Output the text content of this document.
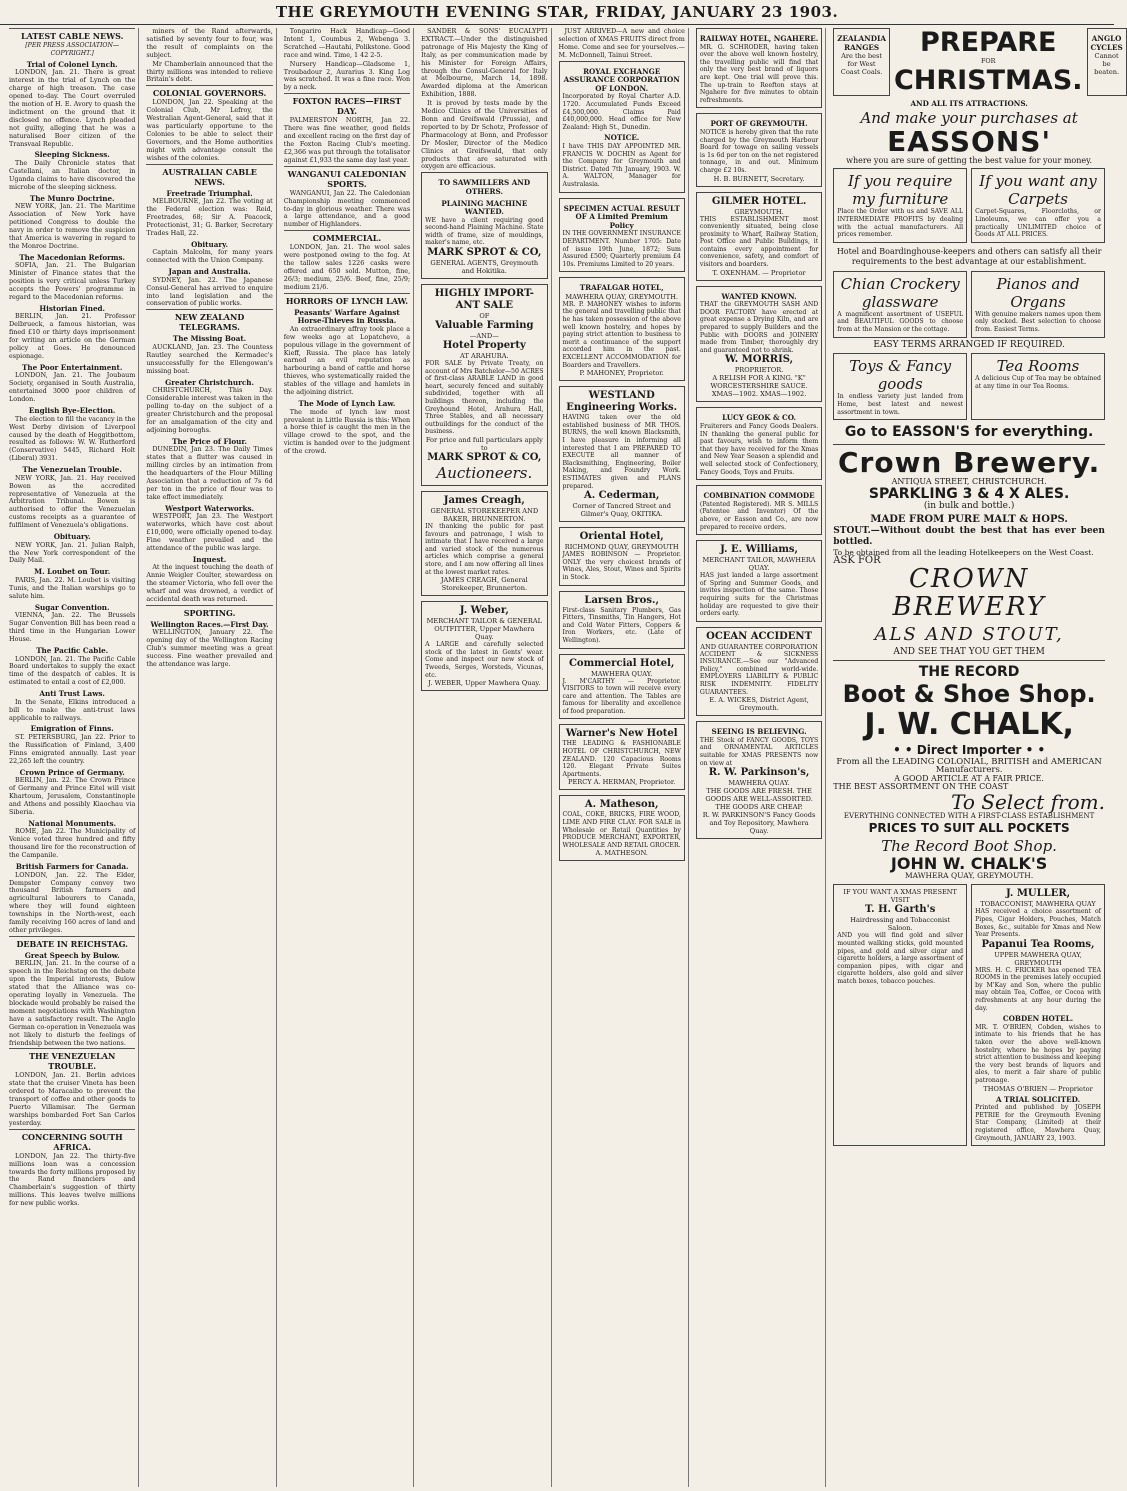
THE GREYMOUTH EVENING STAR, FRIDAY, JANUARY 23 1903.
LATEST CABLE NEWS.
[PER PRESS ASSOCIATION—COPYRIGHT.]
Trial of Colonel Lynch.
LONDON, Jan. 21. There is great interest in the trial of Lynch on the charge of high treason. The case opened to-day. The Court overruled the motion of H. E. Avory to quash the indictment on the ground that it disclosed no offence. Lynch pleaded not guilty, alleging that he was a naturalised Boer citizen of the Transvaal Republic.
Sleeping Sickness.
The Daily Chronicle states that Castellani, an Italian doctor, in Uganda claims to have discovered the microbe of the sleeping sickness.
The Munro Doctrine.
NEW YORK, Jan. 21. The Maritime Association of New York have petitioned Congress to double the navy in order to remove the suspicion that America is wavering in regard to the Monroe Doctrine.
The Macedonian Reforms.
SOFIA, Jan. 21. The Bulgarian Minister of Finance states that the position is very critical unless Turkey accepts the Powers' programme in regard to the Macedonian reforms.
Historian Fined.
BERLIN, Jan. 21. Professor Delbrueck, a famous historian, was fined £10 or thirty days imprisonment for writing an article on the German policy at Goes. He denounced espionage.
The Poor Entertainment.
LONDON, Jan. 21. The Joubaum Society, organised in South Australia, entertained 3000 poor children of London.
English Bye-Election.
The election to fill the vacancy in the West Derby division of Liverpool caused by the death of Heggitbottom, resulted as follows: W. W. Rutherford (Conservative) 5445, Richard Holt (Liberal) 3931.
The Venezuelan Trouble.
NEW YORK, Jan. 21. Hay received Bowen as the accredited representative of Venezuela at the Arbitration Tribunal. Bowen is authorised to offer the Venezuelan customs receipts as a guarantee of fulfilment of Venezuela's obligations.
Obituary.
NEW YORK, Jan. 21. Julian Ralph, the New York correspondent of the Daily Mail.
M. Loubet on Tour.
PARIS, Jan. 22. M. Loubet is visiting Tunis, and the Italian warships go to salute him.
Sugar Convention.
VIENNA, Jan. 22. The Brussels Sugar Convention Bill has been read a third time in the Hungarian Lower House.
The Pacific Cable.
LONDON, Jan. 21. The Pacific Cable Board undertakes to supply the exact time of the despatch of cables. It is estimated to entail a cost of £2,000.
Anti Trust Laws.
In the Senate, Elkins introduced a bill to make the anti-trust laws applicable to railways.
Emigration of Finns.
ST. PETERSBURG, Jan 22. Prior to the Russification of Finland, 3,400 Finns emigrated annually. Last year 22,265 left the country.
Crown Prince of Germany.
BERLIN, Jan. 22. The Crown Prince of Germany and Prince Eitel will visit Khartoum, Jerusalem, Constantinople and Athens and possibly Kiaochau via Siberia.
National Monuments.
ROME, Jan 22. The Municipality of Venice voted three hundred and fifty thousand lire for the reconstruction of the Campanile.
British Farmers for Canada.
LONDON, Jan. 22. The Elder, Dempster Company convey two thousand British farmers and agricultural labourers to Canada, where they will found eighteen townships in the North-west, each family receiving 160 acres of land and other privileges.
DEBATE IN REICHSTAG.
Great Speech by Bulow.
BERLIN, Jan. 21. In the course of a speech in the Reichstag on the debate upon the Imperial interests, Bulow stated that the Alliance was co-operating loyally in Venezuela. The blockade would probably be raised the moment negotiations with Washington have a satisfactory result. The Anglo German co-operation in Venezuela was not likely to disturb the feelings of friendship between the two nations.
THE VENEZUELAN TROUBLE.
LONDON, Jan. 21. Berlin advices state that the cruiser Vineta has been ordered to Maracaibo to prevent the transport of coffee and other goods to Puerto Villamisar. The German warships bombarded Fort San Carlos yesterday.
CONCERNING SOUTH AFRICA.
LONDON, Jan 22. The thirty-five millions loan was a concession towards the forty millions proposed by the Rand financiers and Chamberlain's suggestion of thirty millions. This leaves twelve millions for new public works.
miners of the Rand afterwards, satisfied by seventy four to four, was the result of complaints on the subject.
Mr Chamberlain announced that the thirty millions was intended to relieve Britain's debt.
COLONIAL GOVERNORS.
LONDON, Jan 22. Speaking at the Colonial Club, Mr Lefroy, the Westralian Agent-General, said that it was particularly opportune to the Colonies to be able to select their Governors, and the Home authorities might with advantage consult the wishes of the colonies.
AUSTRALIAN CABLE NEWS.
Freetrade Triumphal.
MELBOURNE, Jan 22. The voting at the Federal election was: Reid, Freetrades, 68; Sir A. Peacock, Protectionist, 31; G. Barker, Secretary Trades Hall, 22.
Obituary.
Captain Malcolm, for many years connected with the Union Company.
Japan and Australia.
SYDNEY, Jan. 22. The Japanese Consul-General has arrived to enquire into land legislation and the conservation of public works.
NEW ZEALAND TELEGRAMS.
The Missing Boat.
AUCKLAND, Jan. 23. The Countess Rautley searched the Kermadec's unsuccessfully for the Ellengowan's missing boat.
Greater Christchurch.
CHRISTCHURCH, This Day. Considerable interest was taken in the polling to-day on the subject of a greater Christchurch and the proposal for an amalgamation of the city and adjoining boroughs.
The Price of Flour.
DUNEDIN, Jan 23. The Daily Times states that a flutter was caused in milling circles by an intimation from the headquarters of the Flour Milling Association that a reduction of 7s 6d per ton in the price of flour was to take effect immediately.
Westport Waterworks.
WESTPORT, Jan 23. The Westport waterworks, which have cost about £10,000, were officially opened to-day. Fine weather prevailed and the attendance of the public was large.
Inquest.
At the inquest touching the death of Annie Weigler Coulter, stewardess on the steamer Victoria, who fell over the wharf and was drowned, a verdict of accidental death was returned.
SPORTING.
Wellington Races.—First Day.
WELLINGTON, January 22. The opening day of the Wellington Racing Club's summer meeting was a great success. Fine weather prevailed and the attendance was large.
Tongariro Hack Handicap—Good Intent 1, Coumbus 2, Webenga 3. Scratched —Hautahi, Polikstone. Good race and wind. Time, 1 42 2-5.
Nursery Handicap—Gladsome 1, Troubadour 2, Aurarius 3. King Log was scratched. It was a fine race. Won by a neck.
FOXTON RACES—FIRST DAY.
PALMERSTON NORTH, Jan 22. There was fine weather, good fields and excellent racing on the first day of the Foxton Racing Club's meeting. £2,366 was put through the totalisator against £1,933 the same day last year.
WANGANUI CALEDONIAN SPORTS.
WANGANUI, Jan 22. The Caledonian Championship meeting commenced to-day in glorious weather. There was a large attendance, and a good number of Highlanders.
COMMERCIAL.
LONDON, Jan. 21. The wool sales were postponed owing to the fog. At the tallow sales 1226 casks were offered and 650 sold. Mutton, fine, 26/3; medium, 25/6. Beef, fine, 25/9; medium 21/6.
HORRORS OF LYNCH LAW.
Peasants' Warfare Against Horse-Thieves in Russia.
An extraordinary affray took place a few weeks ago at Lopatchevo, a populous village in the government of Kieff, Russia. The place has lately earned an evil reputation as harbouring a band of cattle and horse thieves, who systematically raided the stables of the village and hamlets in the adjoining district.
The Mode of Lynch Law.
The mode of lynch law most prevalent in Little Russia is this: When a horse thief is caught the men in the village crowd to the spot, and the victim is handed over to the judgment of the crowd.
SANDER & SONS' EUCALYPTI EXTRACT.—Under the distinguished patronage of His Majesty the King of Italy, as per communication made by his Minister for Foreign Affairs, through the Consul-General for Italy at Melbourne, March 14, 1898. Awarded diploma at the American Exhibition, 1888.
It is proved by tests made by the Medico Clinics of the Universities of Bonn and Greifswald (Prussia), and reported to by Dr Schotz, Professor of Pharmacology at Bonn, and Professor Dr Mosler, Director of the Medico Clinics at Greifswald, that only products that are saturated with oxygen are efficacious.
TO SAWMILLERS AND OTHERS.
PLAINING MACHINE WANTED.
WE have a client requiring good second-hand Plaining Machine. State width of frame, size of mouldings, maker's name, etc.
MARK SPROT & CO,
GENERAL AGENTS, Greymouth and Hokitika.
HIGHLY IMPORT-
ANT SALE
OF
Valuable Farming
—AND—
Hotel Property
AT ARAHURA.
FOR SALE by Private Treaty, on account of Mrs Batchelor—50 ACRES of first-class ARABLE LAND in good heart, securely fenced and suitably subdivided, together with all buildings thereon, including the Greyhound Hotel, Arahura Hall, Three Stables, and all necessary outbuildings for the conduct of the business.
For price and full particulars apply to
MARK SPROT & CO,
Auctioneers.
James Creagh,
GENERAL STOREKEEPER AND BAKER, BRUNNERTON.
IN thanking the public for past favours and patronage, I wish to intimate that I have received a large and varied stock of the numerous articles which comprise a general store, and I am now offering all lines at the lowest market rates.
JAMES CREAGH, General Storekeeper, Brunnerton.
J. Weber,
MERCHANT TAILOR & GENERAL OUTFITTER, Upper Mawhera Quay.
A LARGE and carefully selected stock of the latest in Gents' wear. Come and inspect our new stock of Tweeds, Serges, Worsteds, Vicunas, etc.
J. WEBER, Upper Mawhera Quay.
JUST ARRIVED—A new and choice selection of XMAS FRUITS direct from Home. Come and see for yourselves.—M. McDonnell, Tainui Street.
ROYAL EXCHANGE ASSURANCE CORPORATION OF LONDON.
Incorporated by Royal Charter A.D. 1720. Accumulated Funds Exceed £4,500,000. Claims Paid £40,000,000. Head office for New Zealand: High St., Dunedin.
NOTICE.
I have THIS DAY APPOINTED MR. FRANCIS W. DOCHIN as Agent for the Company for Greymouth and District. Dated 7th January, 1903. W. A. WALTON, Manager for Australasia.
SPECIMEN ACTUAL RESULT OF A Limited Premium Policy
IN THE GOVERNMENT INSURANCE DEPARTMENT. Number 1705: Date of issue 19th June, 1872; Sum Assured £500; Quarterly premium £4 10s. Premiums Limited to 20 years.
TRAFALGAR HOTEL,
MAWHERA QUAY, GREYMOUTH.
MR. P. MAHONEY wishes to inform the general and travelling public that he has taken possession of the above well known hostelry, and hopes by paying strict attention to business to merit a continuance of the support accorded him in the past. EXCELLENT ACCOMMODATION for Boarders and Travellers.
P. MAHONEY, Proprietor.
WESTLAND
Engineering Works.
HAVING taken over the old established business of MR THOS. BURNS, the well known Blacksmith, I have pleasure in informing all interested that I am PREPARED TO EXECUTE all manner of Blacksmithing, Engineering, Boiler Making, and Foundry Work. ESTIMATES given and PLANS prepared.
A. Cederman,
Corner of Tancred Street and Gilmer's Quay, OKITIKA.
Oriental Hotel,
RICHMOND QUAY, GREYMOUTH
JAMES ROBINSON — Proprietor. ONLY the very choicest brands of Wines, Ales, Stout, Wines and Spirits in Stock.
Larsen Bros.,
First-class Sanitary Plumbers, Gas Fitters, Tinsmiths, Tin Hangers, Hot and Cold Water Fitters, Coppers & Iron Workers, etc. (Late of Wellington).
Commercial Hotel,
MAWHERA QUAY.
J. M'CARTHY — Proprietor. VISITORS to town will receive every care and attention. The Tables are famous for liberality and excellence of food preparation.
Warner's New Hotel
THE LEADING & FASHIONABLE HOTEL OF CHRISTCHURCH, NEW ZEALAND. 120 Capacious Rooms 120. Elegant Private Suites Apartments.
PERCY A. HERMAN, Proprietor.
A. Matheson,
COAL, COKE, BRICKS, FIRE WOOD, LIME AND FIRE CLAY. FOR SALE in Wholesale or Retail Quantities by PRODUCE MERCHANT, EXPORTER, WHOLESALE AND RETAIL GROCER.
A. MATHESON.
RAILWAY HOTEL, NGAHERE.
MR. G. SCHRODER, having taken over the above well known hostelry, the travelling public will find that only the very best brand of liquors are kept. One trial will prove this. The up-train to Reefton stays at Ngahere for five minutes to obtain refreshments.
PORT OF GREYMOUTH.
NOTICE is hereby given that the rate charged by the Greymouth Harbour Board for towage on sailing vessels is 1s 6d per ton on the net registered tonnage, in and out. Minimum charge £2 10s.
H. B. BURNETT, Secretary.
GILMER HOTEL.
GREYMOUTH.
THIS ESTABLISHMENT most conveniently situated, being close proximity to Wharf, Railway Station, Post Office and Public Buildings, it contains every appointment for convenience, safety, and comfort of visitors and boarders.
T. OXENHAM. — Proprietor
WANTED KNOWN.
THAT the GREYMOUTH SASH AND DOOR FACTORY have erected at great expense a Drying Kiln, and are prepared to supply Builders and the Public with DOORS and JOINERY made from Timber, thoroughly dry and guaranteed not to shrink.
W. MORRIS,
PROPRIETOR.
A RELISH FOR A KING. "K" WORCESTERSHIRE SAUCE.
XMAS—1902. XMAS—1902.
LUCY GEOK & CO.
Fruiterers and Fancy Goods Dealers. IN thanking the general public for past favours, wish to inform them that they have received for the Xmas and New Year Season a splendid and well selected stock of Confectionery, Fancy Goods, Toys and Fruits.
COMBINATION COMMODE
(Patented Registered). MR S. MILLS (Patentee and Inventor) Of the above, or Easson and Co., are now prepared to receive orders.
J. E. Williams,
MERCHANT TAILOR, MAWHERA QUAY.
HAS just landed a large assortment of Spring and Summer Goods, and invites inspection of the same. Those requiring suits for the Christmas holiday are requested to give their orders early.
OCEAN ACCIDENT
AND GUARANTEE CORPORATION
ACCIDENT & SICKNESS INSURANCE.—See our "Advanced Policy," combined world-wide. EMPLOYERS LIABILITY & PUBLIC RISK INDEMNITY. FIDELITY GUARANTEES.
E. A. WICKES, District Agent, Greymouth.
SEEING IS BELIEVING.
THE Stock of FANCY GOODS, TOYS and ORNAMENTAL ARTICLES suitable for XMAS PRESENTS now on view at
R. W. Parkinson's,
MAWHERA QUAY.
THE GOODS ARE FRESH. THE GOODS ARE WELL-ASSORTED. THE GOODS ARE CHEAP.
R. W. PARKINSON'S Fancy Goods and Toy Repository, Mawhera Quay.
ZEALANDIA RANGES
Are the best for West Coast Coals.
PREPARE
FOR
CHRISTMAS.
ANGLO CYCLES
Cannot be beaten.
AND ALL ITS ATTRACTIONS.
And make your purchases at
EASSONS'
where you are sure of getting the best value for your money.
If you require my furniture
Place the Order with us and SAVE ALL INTERMEDIATE PROFITS by dealing with the actual manufacturers. All prices remember.
If you want any Carpets
Carpet-Squares, Floorcloths, or Linoleums, we can offer you a practically UNLIMITED choice of Goods AT ALL PRICES.
Hotel and Boardinghouse-keepers and others can satisfy all their requirements to the best advantage at our establishment.
Chian Crockery glassware
A magnificent assortment of USEFUL and BEAUTIFUL GOODS to choose from at the Mansion or the cottage.
Pianos and Organs
With genuine makers names upon them only stocked. Best selection to choose from. Easiest Terms.
EASY TERMS ARRANGED IF REQUIRED.
Toys & Fancy goods
In endless variety just landed from Home, best latest and newest assortment in town.
Tea Rooms
A delicious Cup of Tea may be obtained at any time in our Tea Rooms.
Go to EASSON'S for everything.
Crown Brewery.
ANTIQUA STREET, CHRISTCHURCH.
SPARKLING 3 & 4 X ALES.
(in bulk and bottle.)
MADE FROM PURE MALT & HOPS.
STOUT.—Without doubt the best that has ever been bottled.
To be obtained from all the leading Hotelkeepers on the West Coast.
ASK FOR
CROWN BREWERY
ALS AND STOUT,
AND SEE THAT YOU GET THEM
THE RECORD
Boot & Shoe Shop.
J. W. CHALK,
• • Direct Importer • •
From all the LEADING COLONIAL, BRITISH and AMERICAN Manufacturers.
A GOOD ARTICLE AT A FAIR PRICE.
THE BEST ASSORTMENT ON THE COAST
To Select from.
EVERYTHING CONNECTED WITH A FIRST-CLASS ESTABLISHMENT
PRICES TO SUIT ALL POCKETS
The Record Boot Shop.
JOHN W. CHALK'S
MAWHERA QUAY, GREYMOUTH.
IF YOU WANT A XMAS PRESENT VISIT
T. H. Garth's
Hairdressing and Tobacconist Saloon.
AND you will find gold and silver mounted walking sticks, gold mounted pipes, and gold and silver cigar and cigarette holders, a large assortment of companion pipes, with cigar and cigarette holders, also gold and silver match boxes, tobacco pouches.
J. MULLER,
TOBACCONIST, MAWHERA QUAY
HAS received a choice assortment of Pipes, Cigar Holders, Pouches, Match Boxes, &c., suitable for Xmas and New Year Presents.
Papanui Tea Rooms,
UPPER MAWHERA QUAY, GREYMOUTH
MRS. H. C. FRICKER has opened TEA ROOMS in the premises lately occupied by M'Kay and Son, where the public may obtain Tea, Coffee, or Cocoa with refreshments at any hour during the day.
COBDEN HOTEL.
MR. T. O'BRIEN, Cobden, wishes to intimate to his friends that he has taken over the above well-known hostelry, where he hopes by paying strict attention to business and keeping the very best brands of liquors and ales, to merit a fair share of public patronage.
THOMAS O'BRIEN — Proprietor
A TRIAL SOLICITED.
Printed and published by JOSEPH PETRIE for the Greymouth Evening Star Company, (Limited) at their registered office, Mawhera Quay, Greymouth, JANUARY 23, 1903.
